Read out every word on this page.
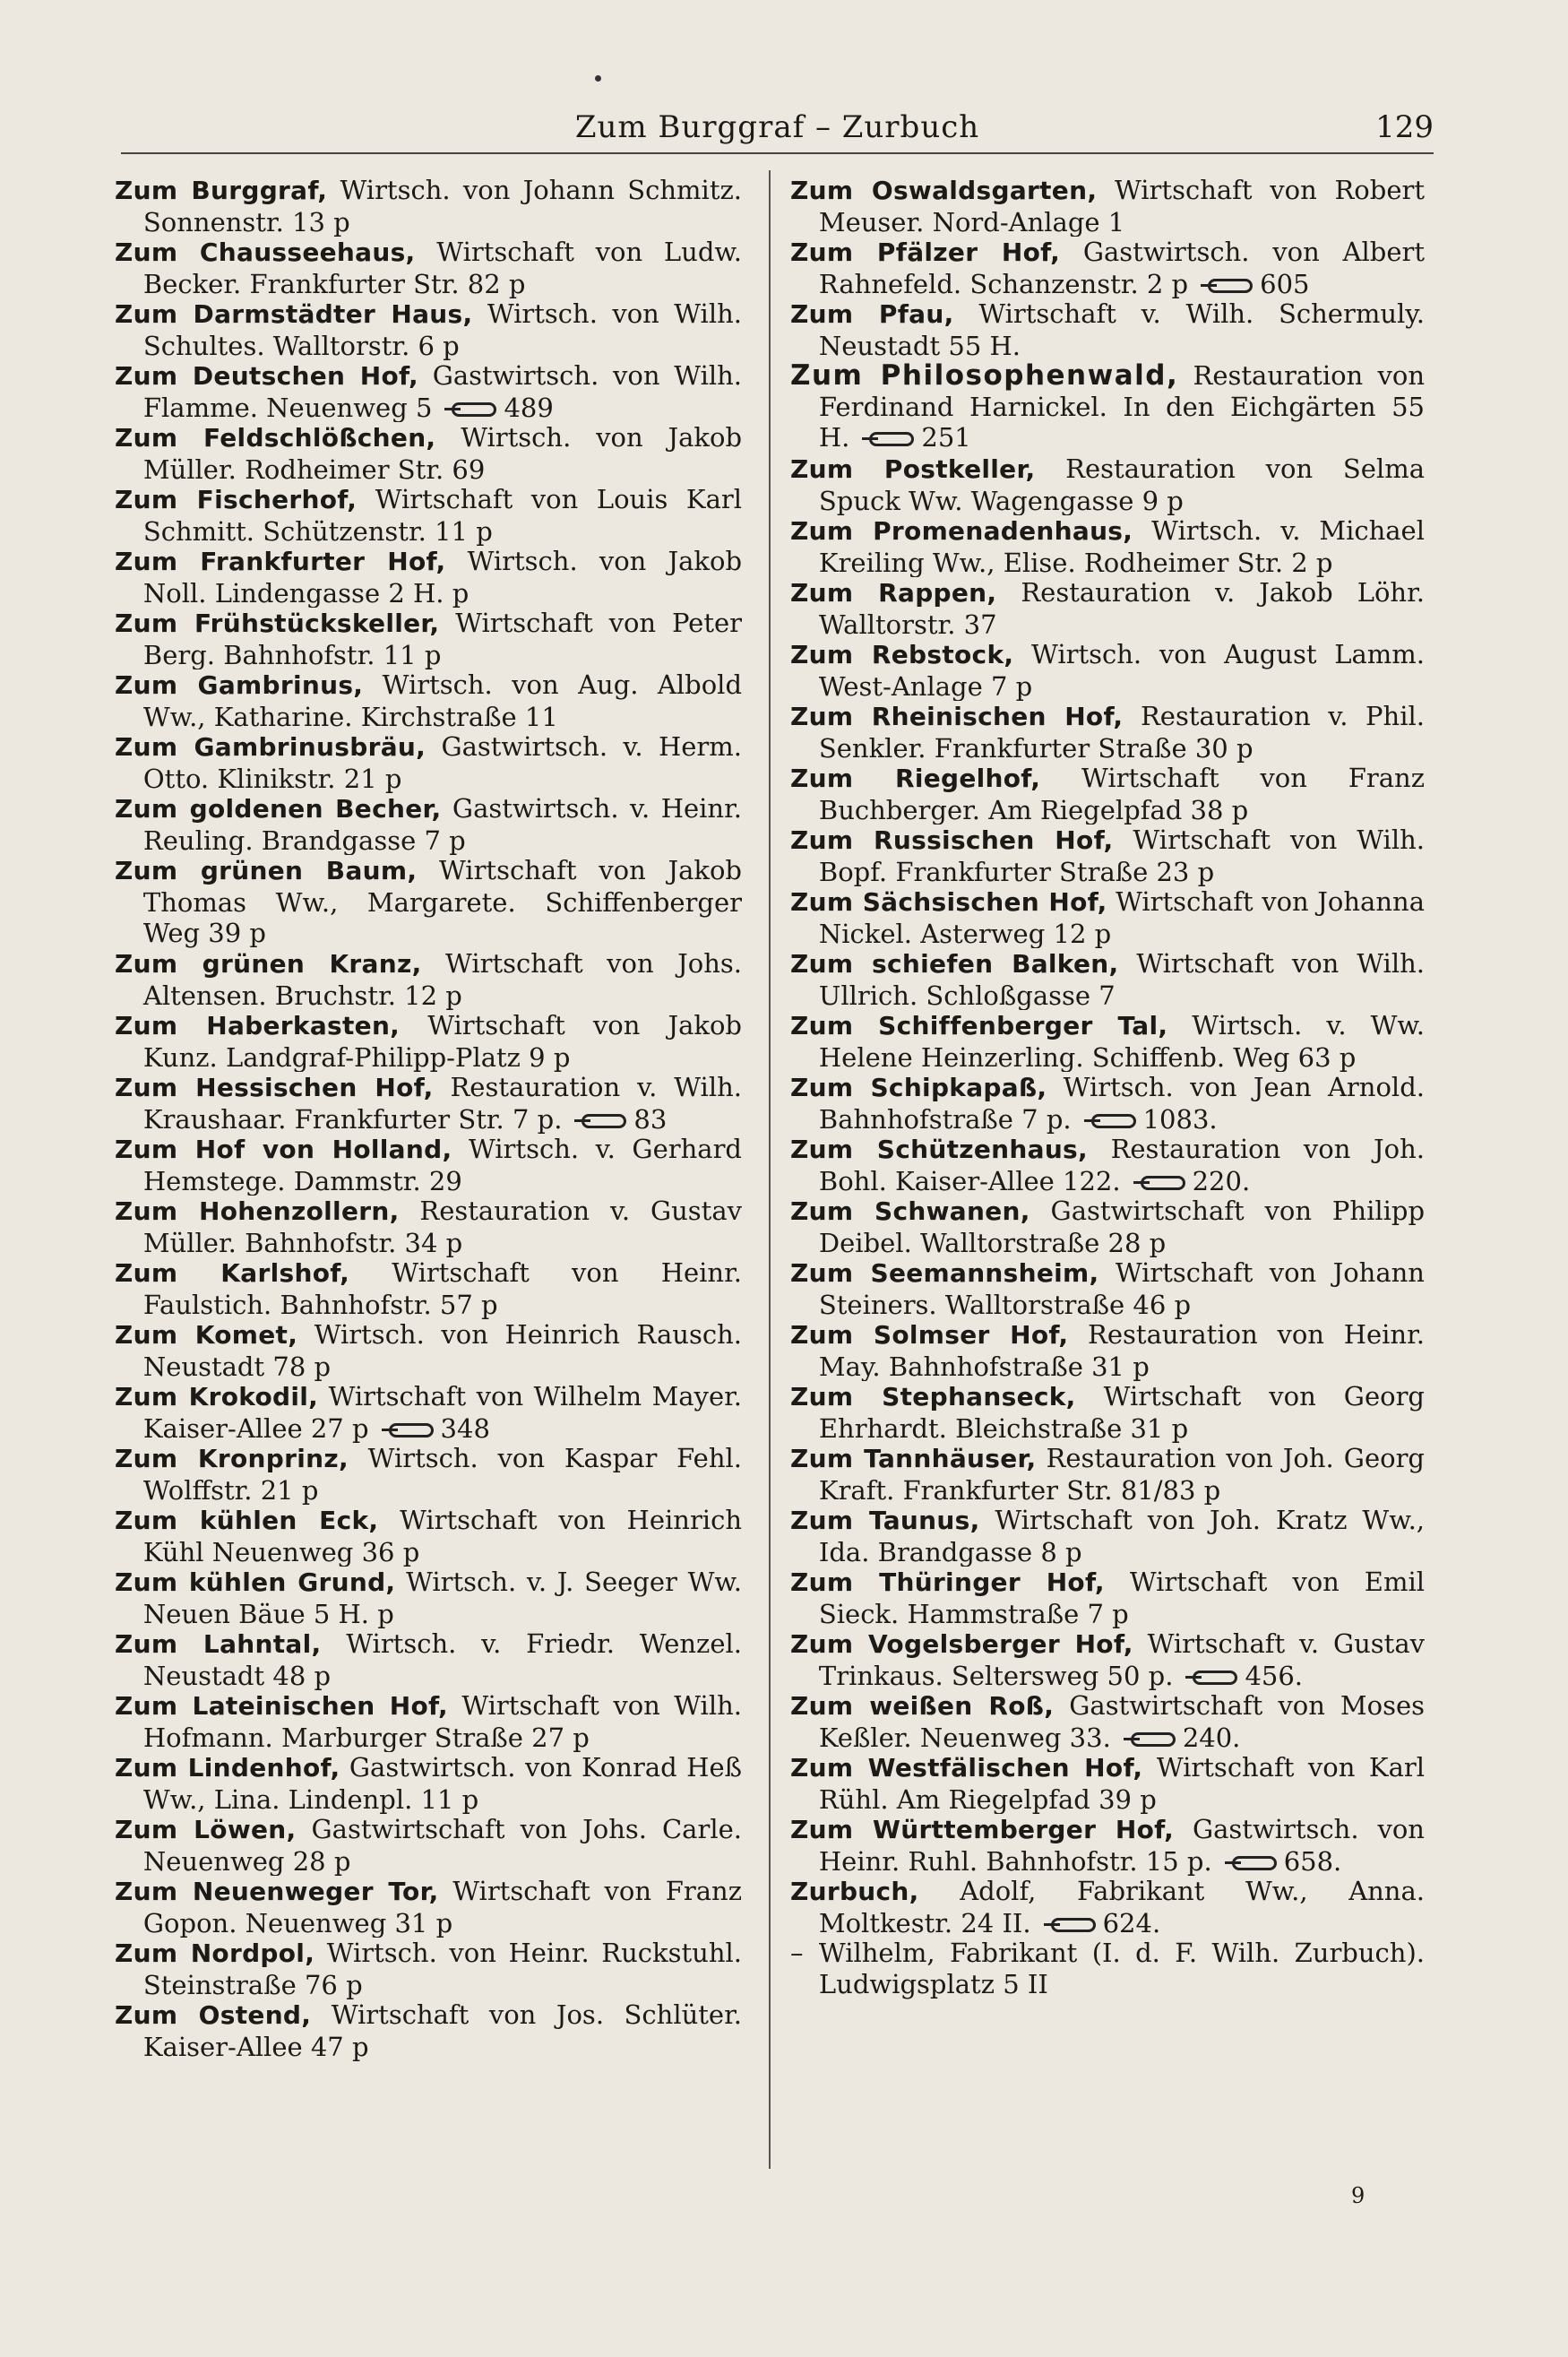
Zum Burggraf – Zurbuch	129
Zum Burggraf, Wirtsch. von Johann Schmitz. Sonnenstr. 13 p
Zum Chausseehaus, Wirtschaft von Ludw. Becker. Frankfurter Str. 82 p
Zum Darmstädter Haus, Wirtsch. von Wilh. Schultes. Walltorstr. 6 p
Zum Deutschen Hof, Gastwirtsch. von Wilh. Flamme. Neuenweg 5	489
Zum Feldschlößchen, Wirtsch. von Jakob Müller. Rodheimer Str. 69
Zum Fischerhof, Wirtschaft von Louis Karl Schmitt. Schützenstr. 11 p
Zum Frankfurter Hof, Wirtsch. von Jakob Noll. Lindengasse 2 H. p
Zum Frühstückskeller, Wirtschaft von Peter Berg. Bahnhofstr. 11 p
Zum Gambrinus, Wirtsch. von Aug. Albold Ww., Katharine. Kirchstraße 11
Zum Gambrinusbräu, Gastwirtsch. v. Herm. Otto. Klinikstr. 21 p
Zum goldenen Becher, Gastwirtsch. v. Heinr. Reuling. Brandgasse 7 p
Zum grünen Baum, Wirtschaft von Jakob Thomas Ww., Margarete. Schiffenberger Weg 39 p
Zum grünen Kranz, Wirtschaft von Johs. Altensen. Bruchstr. 12 p
Zum Haberkasten, Wirtschaft von Jakob Kunz. Landgraf-Philipp-Platz 9 p
Zum Hessischen Hof, Restauration v. Wilh. Kraushaar. Frankfurter Str. 7 p.	83
Zum Hof von Holland, Wirtsch. v. Gerhard Hemstege. Dammstr. 29
Zum Hohenzollern, Restauration v. Gustav Müller. Bahnhofstr. 34 p
Zum Karlshof, Wirtschaft von Heinr. Faulstich. Bahnhofstr. 57 p
Zum Komet, Wirtsch. von Heinrich Rausch. Neustadt 78 p
Zum Krokodil, Wirtschaft von Wilhelm Mayer. Kaiser-Allee 27 p	348
Zum Kronprinz, Wirtsch. von Kaspar Fehl. Wolffstr. 21 p
Zum kühlen Eck, Wirtschaft von Heinrich Kühl Neuenweg 36 p
Zum kühlen Grund, Wirtsch. v. J. Seeger Ww. Neuen Bäue 5 H. p
Zum Lahntal, Wirtsch. v. Friedr. Wenzel. Neustadt 48 p
Zum Lateinischen Hof, Wirtschaft von Wilh. Hofmann. Marburger Straße 27 p
Zum Lindenhof, Gastwirtsch. von Konrad Heß Ww., Lina. Lindenpl. 11 p
Zum Löwen, Gastwirtschaft von Johs. Carle. Neuenweg 28 p
Zum Neuenweger Tor, Wirtschaft von Franz Gopon. Neuenweg 31 p
Zum Nordpol, Wirtsch. von Heinr. Ruckstuhl. Steinstraße 76 p
Zum Ostend, Wirtschaft von Jos. Schlüter. Kaiser-Allee 47 p
Zum Oswaldsgarten, Wirtschaft von Robert Meuser. Nord-Anlage 1
Zum Pfälzer Hof, Gastwirtsch. von Albert Rahnefeld. Schanzenstr. 2 p	605
Zum Pfau, Wirtschaft v. Wilh. Schermuly. Neustadt 55 H.
Zum Philosophenwald, Restauration von Ferdinand Harnickel. In den Eichgärten 55 H.	251
Zum Postkeller, Restauration von Selma Spuck Ww. Wagengasse 9 p
Zum Promenadenhaus, Wirtsch. v. Michael Kreiling Ww., Elise. Rodheimer Str. 2 p
Zum Rappen, Restauration v. Jakob Löhr. Walltorstr. 37
Zum Rebstock, Wirtsch. von August Lamm. West-Anlage 7 p
Zum Rheinischen Hof, Restauration v. Phil. Senkler. Frankfurter Straße 30 p
Zum Riegelhof, Wirtschaft von Franz Buchberger. Am Riegelpfad 38 p
Zum Russischen Hof, Wirtschaft von Wilh. Bopf. Frankfurter Straße 23 p
Zum Sächsischen Hof, Wirtschaft von Johanna Nickel. Asterweg 12 p
Zum schiefen Balken, Wirtschaft von Wilh. Ullrich. Schloßgasse 7
Zum Schiffenberger Tal, Wirtsch. v. Ww. Helene Heinzerling. Schiffenb. Weg 63 p
Zum Schipkapaß, Wirtsch. von Jean Arnold. Bahnhofstraße 7 p.	1083.
Zum Schützenhaus, Restauration von Joh. Bohl. Kaiser-Allee 122.	220.
Zum Schwanen, Gastwirtschaft von Philipp Deibel. Walltorstraße 28 p
Zum Seemannsheim, Wirtschaft von Johann Steiners. Walltorstraße 46 p
Zum Solmser Hof, Restauration von Heinr. May. Bahnhofstraße 31 p
Zum Stephanseck, Wirtschaft von Georg Ehrhardt. Bleichstraße 31 p
Zum Tannhäuser, Restauration von Joh. Georg Kraft. Frankfurter Str. 81/83 p
Zum Taunus, Wirtschaft von Joh. Kratz Ww., Ida. Brandgasse 8 p
Zum Thüringer Hof, Wirtschaft von Emil Sieck. Hammstraße 7 p
Zum Vogelsberger Hof, Wirtschaft v. Gustav Trinkaus. Seltersweg 50 p.	456.
Zum weißen Roß, Gastwirtschaft von Moses Keßler. Neuenweg 33.	240.
Zum Westfälischen Hof, Wirtschaft von Karl Rühl. Am Riegelpfad 39 p
Zum Württemberger Hof, Gastwirtsch. von Heinr. Ruhl. Bahnhofstr. 15 p.	658.
Zurbuch, Adolf, Fabrikant Ww., Anna. Moltkestr. 24 II.	624.
– Wilhelm, Fabrikant (I. d. F. Wilh. Zurbuch). Ludwigsplatz 5 II
9
